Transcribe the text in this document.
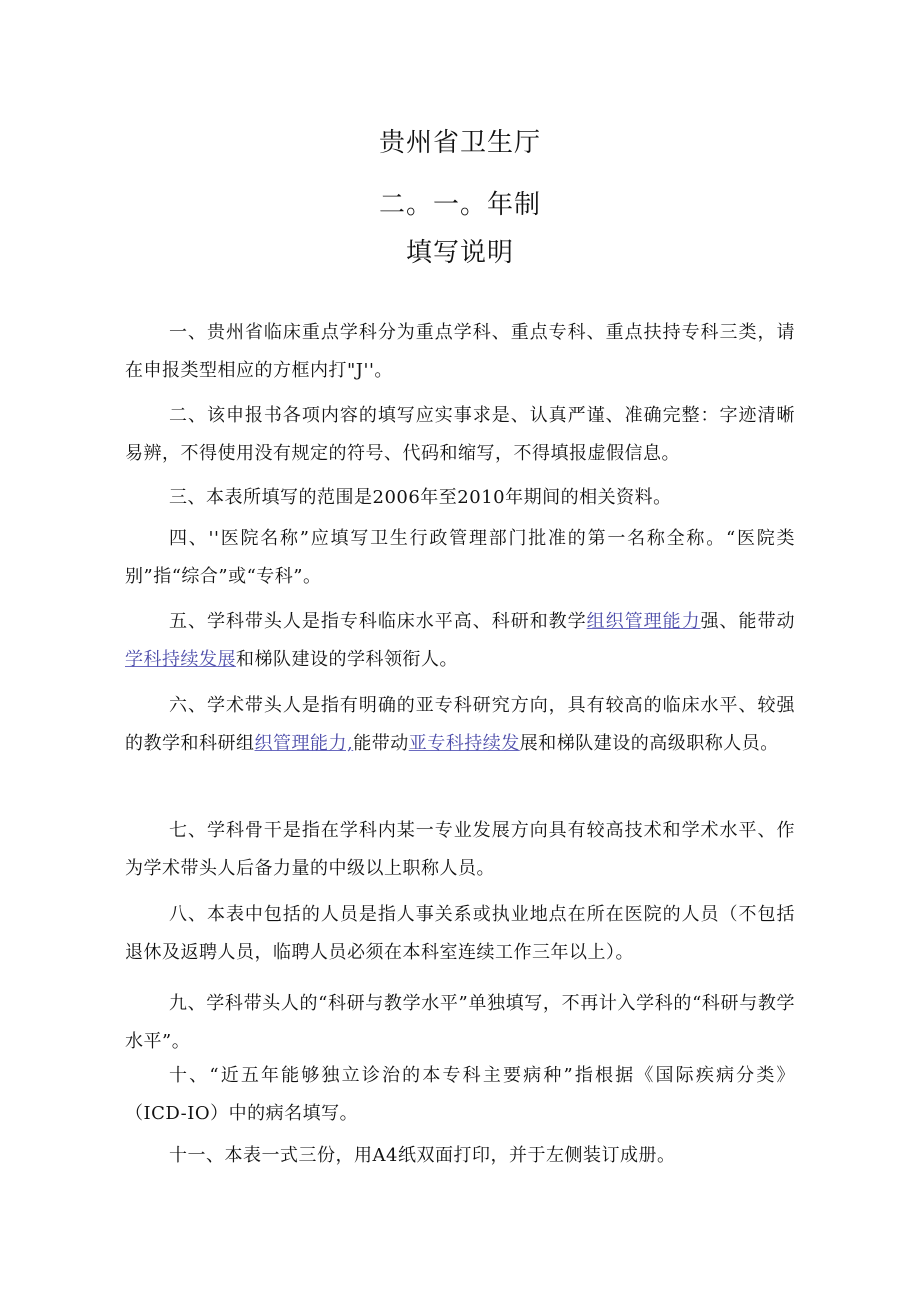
贵州省卫生厅
二。一。年制
填写说明

一、贵州省临床重点学科分为重点学科、重点专科、重点扶持专科三类，请在申报类型相应的方框内打"J''。

二、该申报书各项内容的填写应实事求是、认真严谨、准确完整：字迹清晰易辨，不得使用没有规定的符号、代码和缩写，不得填报虚假信息。

三、本表所填写的范围是2006年至2010年期间的相关资料。

四、''医院名称”应填写卫生行政管理部门批准的第一名称全称。“医院类别”指“综合”或“专科”。

五、学科带头人是指专科临床水平高、科研和教学组织管理能力强、能带动学科持续发展和梯队建设的学科领衔人。

六、学术带头人是指有明确的亚专科研究方向，具有较高的临床水平、较强的教学和科研组织管理能力,能带动亚专科持续发展和梯队建设的高级职称人员。

七、学科骨干是指在学科内某一专业发展方向具有较高技术和学术水平、作为学术带头人后备力量的中级以上职称人员。

八、本表中包括的人员是指人事关系或执业地点在所在医院的人员（不包括退休及返聘人员，临聘人员必须在本科室连续工作三年以上）。

九、学科带头人的“科研与教学水平”单独填写，不再计入学科的“科研与教学水平”。

十、“近五年能够独立诊治的本专科主要病种”指根据《国际疾病分类》（ICD-IO）中的病名填写。

十一、本表一式三份，用A4纸双面打印，并于左侧装订成册。
